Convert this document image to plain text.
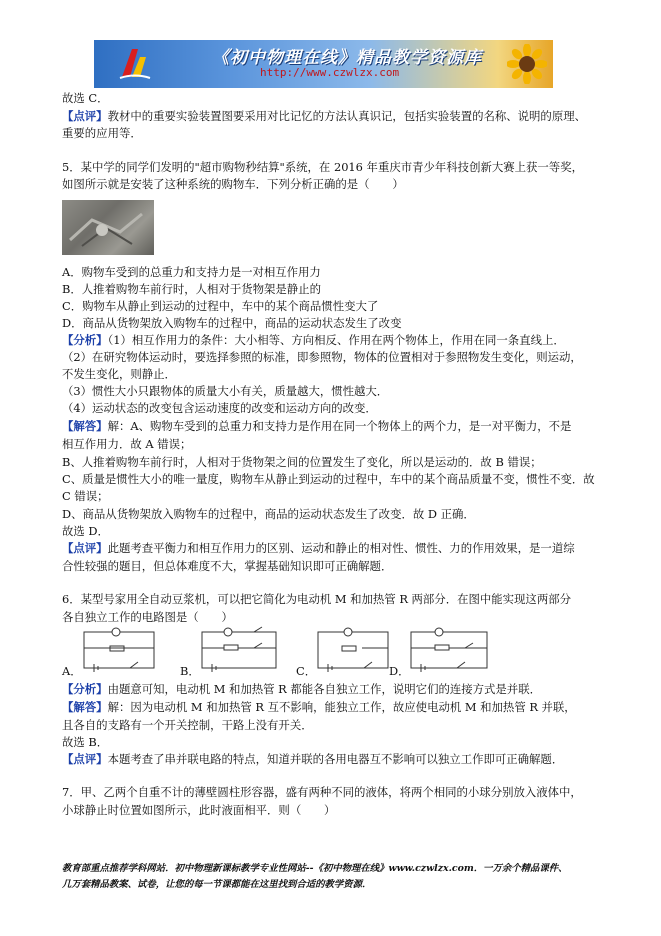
《初中物理在线》精品教学资源库
http://www.czwlzx.com
故选 C．
【点评】教材中的重要实验装置图要采用对比记忆的方法认真识记，包括实验装置的名称、说明的原理、
重要的应用等．
5．某中学的同学们发明的"超市购物秒结算"系统，在 2016 年重庆市青少年科技创新大赛上获一等奖，
如图所示就是安装了这种系统的购物车．下列分析正确的是（　　）
A．购物车受到的总重力和支持力是一对相互作用力
B．人推着购物车前行时，人相对于货物架是静止的
C．购物车从静止到运动的过程中，车中的某个商品惯性变大了
D．商品从货物架放入购物车的过程中，商品的运动状态发生了改变
【分析】（1）相互作用力的条件：大小相等、方向相反、作用在两个物体上，作用在同一条直线上．
（2）在研究物体运动时，要选择参照的标准，即参照物，物体的位置相对于参照物发生变化，则运动，
不发生变化，则静止．
（3）惯性大小只跟物体的质量大小有关，质量越大，惯性越大．
（4）运动状态的改变包含运动速度的改变和运动方向的改变．
【解答】解：A、购物车受到的总重力和支持力是作用在同一个物体上的两个力，是一对平衡力，不是
相互作用力．故 A 错误；
B、人推着购物车前行时，人相对于货物架之间的位置发生了变化，所以是运动的．故 B 错误；
C、质量是惯性大小的唯一量度，购物车从静止到运动的过程中，车中的某个商品质量不变，惯性不变．故
C 错误；
D、商品从货物架放入购物车的过程中，商品的运动状态发生了改变．故 D 正确．
故选 D．
【点评】此题考查平衡力和相互作用力的区别、运动和静止的相对性、惯性、力的作用效果，是一道综
合性较强的题目，但总体难度不大，掌握基础知识即可正确解题．
6．某型号家用全自动豆浆机，可以把它简化为电动机 M 和加热管 R 两部分．在图中能实现这两部分
各自独立工作的电路图是（　　）
A．	B．	C．	D．
【分析】由题意可知，电动机 M 和加热管 R 都能各自独立工作，说明它们的连接方式是并联．
【解答】解：因为电动机 M 和加热管 R 互不影响，能独立工作，故应使电动机 M 和加热管 R 并联，
且各自的支路有一个开关控制，干路上没有开关．
故选 B．
【点评】本题考查了串并联电路的特点，知道并联的各用电器互不影响可以独立工作即可正确解题．
7．甲、乙两个自重不计的薄壁圆柱形容器，盛有两种不同的液体，将两个相同的小球分别放入液体中，
小球静止时位置如图所示，此时液面相平．则（　　）
教育部重点推荐学科网站．初中物理新课标教学专业性网站--《初中物理在线》www.czwlzx.com．一万余个精品课件、
几万套精品教案、试卷，让您的每一节课都能在这里找到合适的教学资源．
